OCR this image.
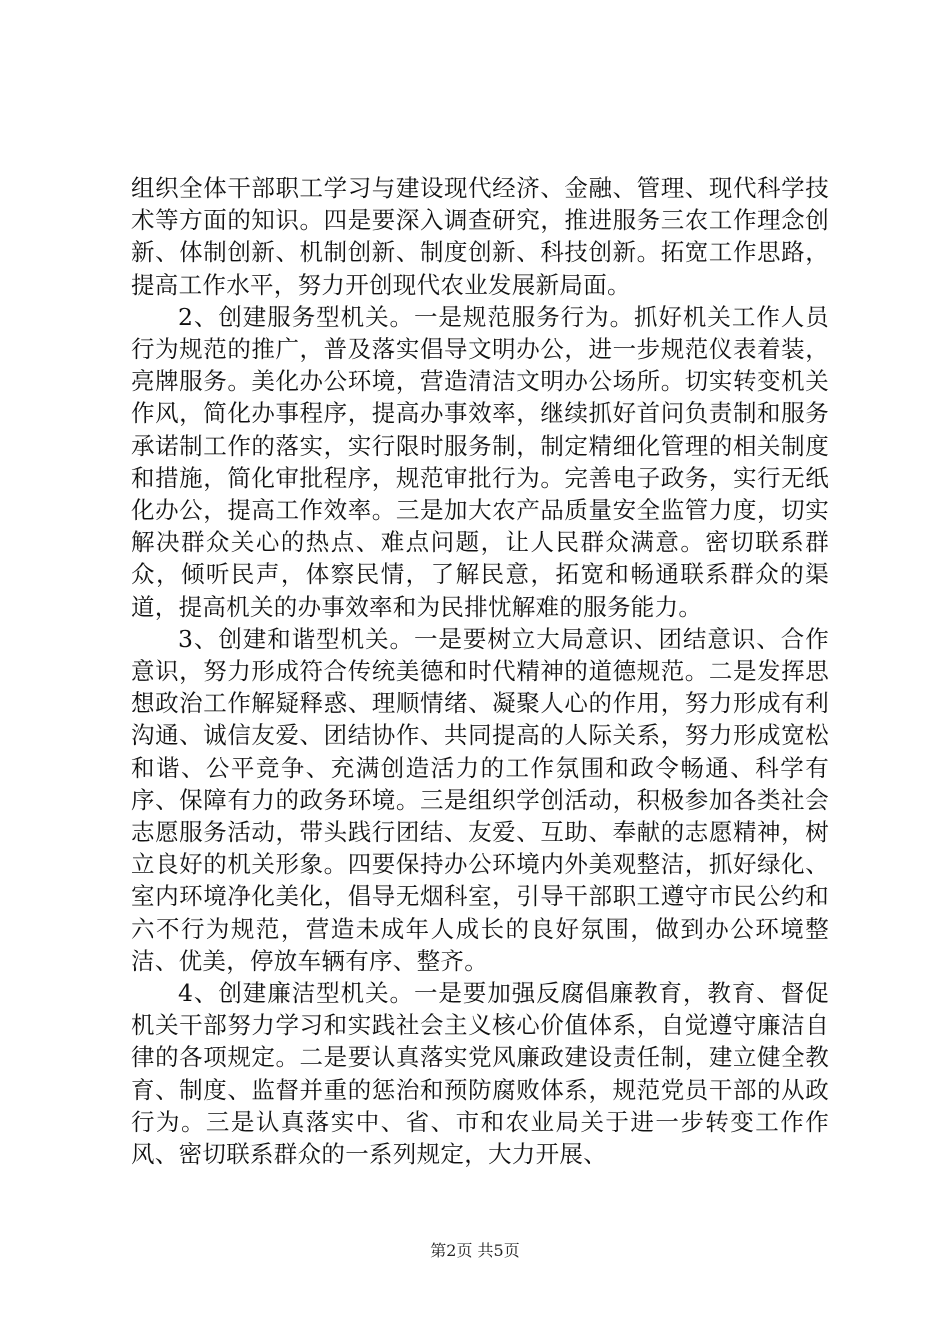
组织全体干部职工学习与建设现代经济、金融、管理、现代科学技术等方面的知识。四是要深入调查研究，推进服务三农工作理念创新、体制创新、机制创新、制度创新、科技创新。拓宽工作思路，提高工作水平，努力开创现代农业发展新局面。

2、创建服务型机关。一是规范服务行为。抓好机关工作人员行为规范的推广，普及落实倡导文明办公，进一步规范仪表着装，亮牌服务。美化办公环境，营造清洁文明办公场所。切实转变机关作风，简化办事程序，提高办事效率，继续抓好首问负责制和服务承诺制工作的落实，实行限时服务制，制定精细化管理的相关制度和措施，简化审批程序，规范审批行为。完善电子政务，实行无纸化办公，提高工作效率。三是加大农产品质量安全监管力度，切实解决群众关心的热点、难点问题，让人民群众满意。密切联系群众，倾听民声，体察民情，了解民意，拓宽和畅通联系群众的渠道，提高机关的办事效率和为民排忧解难的服务能力。

3、创建和谐型机关。一是要树立大局意识、团结意识、合作意识，努力形成符合传统美德和时代精神的道德规范。二是发挥思想政治工作解疑释惑、理顺情绪、凝聚人心的作用，努力形成有利沟通、诚信友爱、团结协作、共同提高的人际关系，努力形成宽松和谐、公平竞争、充满创造活力的工作氛围和政令畅通、科学有序、保障有力的政务环境。三是组织学创活动，积极参加各类社会志愿服务活动，带头践行团结、友爱、互助、奉献的志愿精神，树立良好的机关形象。四要保持办公环境内外美观整洁，抓好绿化、室内环境净化美化，倡导无烟科室，引导干部职工遵守市民公约和六不行为规范，营造未成年人成长的良好氛围，做到办公环境整洁、优美，停放车辆有序、整齐。

4、创建廉洁型机关。一是要加强反腐倡廉教育，教育、督促机关干部努力学习和实践社会主义核心价值体系，自觉遵守廉洁自律的各项规定。二是要认真落实党风廉政建设责任制，建立健全教育、制度、监督并重的惩治和预防腐败体系，规范党员干部的从政行为。三是认真落实中、省、市和农业局关于进一步转变工作作风、密切联系群众的一系列规定，大力开展、

第2页 共5页
